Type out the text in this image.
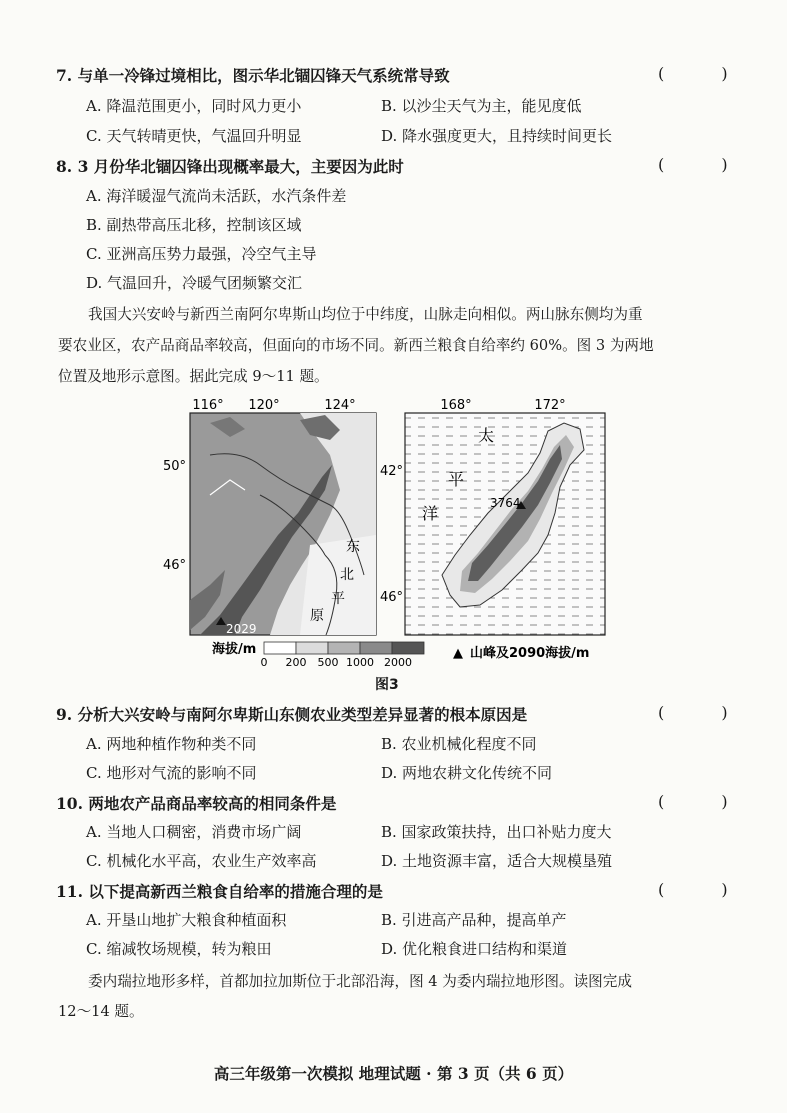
7. 与单一冷锋过境相比，图示华北锢囚锋天气系统常导致	( )
A. 降温范围更小，同时风力更小	B. 以沙尘天气为主，能见度低
C. 天气转晴更快，气温回升明显	D. 降水强度更大，且持续时间更长
8. 3 月份华北锢囚锋出现概率最大，主要因为此时	( )
A. 海洋暖湿气流尚未活跃，水汽条件差
B. 副热带高压北移，控制该区域
C. 亚洲高压势力最强，冷空气主导
D. 气温回升，冷暖气团频繁交汇
我国大兴安岭与新西兰南阿尔卑斯山均位于中纬度，山脉走向相似。两山脉东侧均为重
要农业区，农产品商品率较高，但面向的市场不同。新西兰粮食自给率约 60%。图 3 为两地
位置及地形示意图。据此完成 9～11 题。
116° 120°	124°
50°
46°
2029
东
北
平
原
168°	172°
42°
46°
太
平
洋
3764
海拔/m
0 200 500 1000 2000
▲ 山峰及2090海拔/m
图3
9. 分析大兴安岭与南阿尔卑斯山东侧农业类型差异显著的根本原因是	( )
A. 两地种植作物种类不同	B. 农业机械化程度不同
C. 地形对气流的影响不同	D. 两地农耕文化传统不同
10. 两地农产品商品率较高的相同条件是	( )
A. 当地人口稠密，消费市场广阔	B. 国家政策扶持，出口补贴力度大
C. 机械化水平高，农业生产效率高	D. 土地资源丰富，适合大规模垦殖
11. 以下提高新西兰粮食自给率的措施合理的是	( )
A. 开垦山地扩大粮食种植面积	B. 引进高产品种，提高单产
C. 缩减牧场规模，转为粮田	D. 优化粮食进口结构和渠道
委内瑞拉地形多样，首都加拉加斯位于北部沿海，图 4 为委内瑞拉地形图。读图完成
12～14 题。
高三年级第一次模拟 地理试题 · 第 3 页（共 6 页）
